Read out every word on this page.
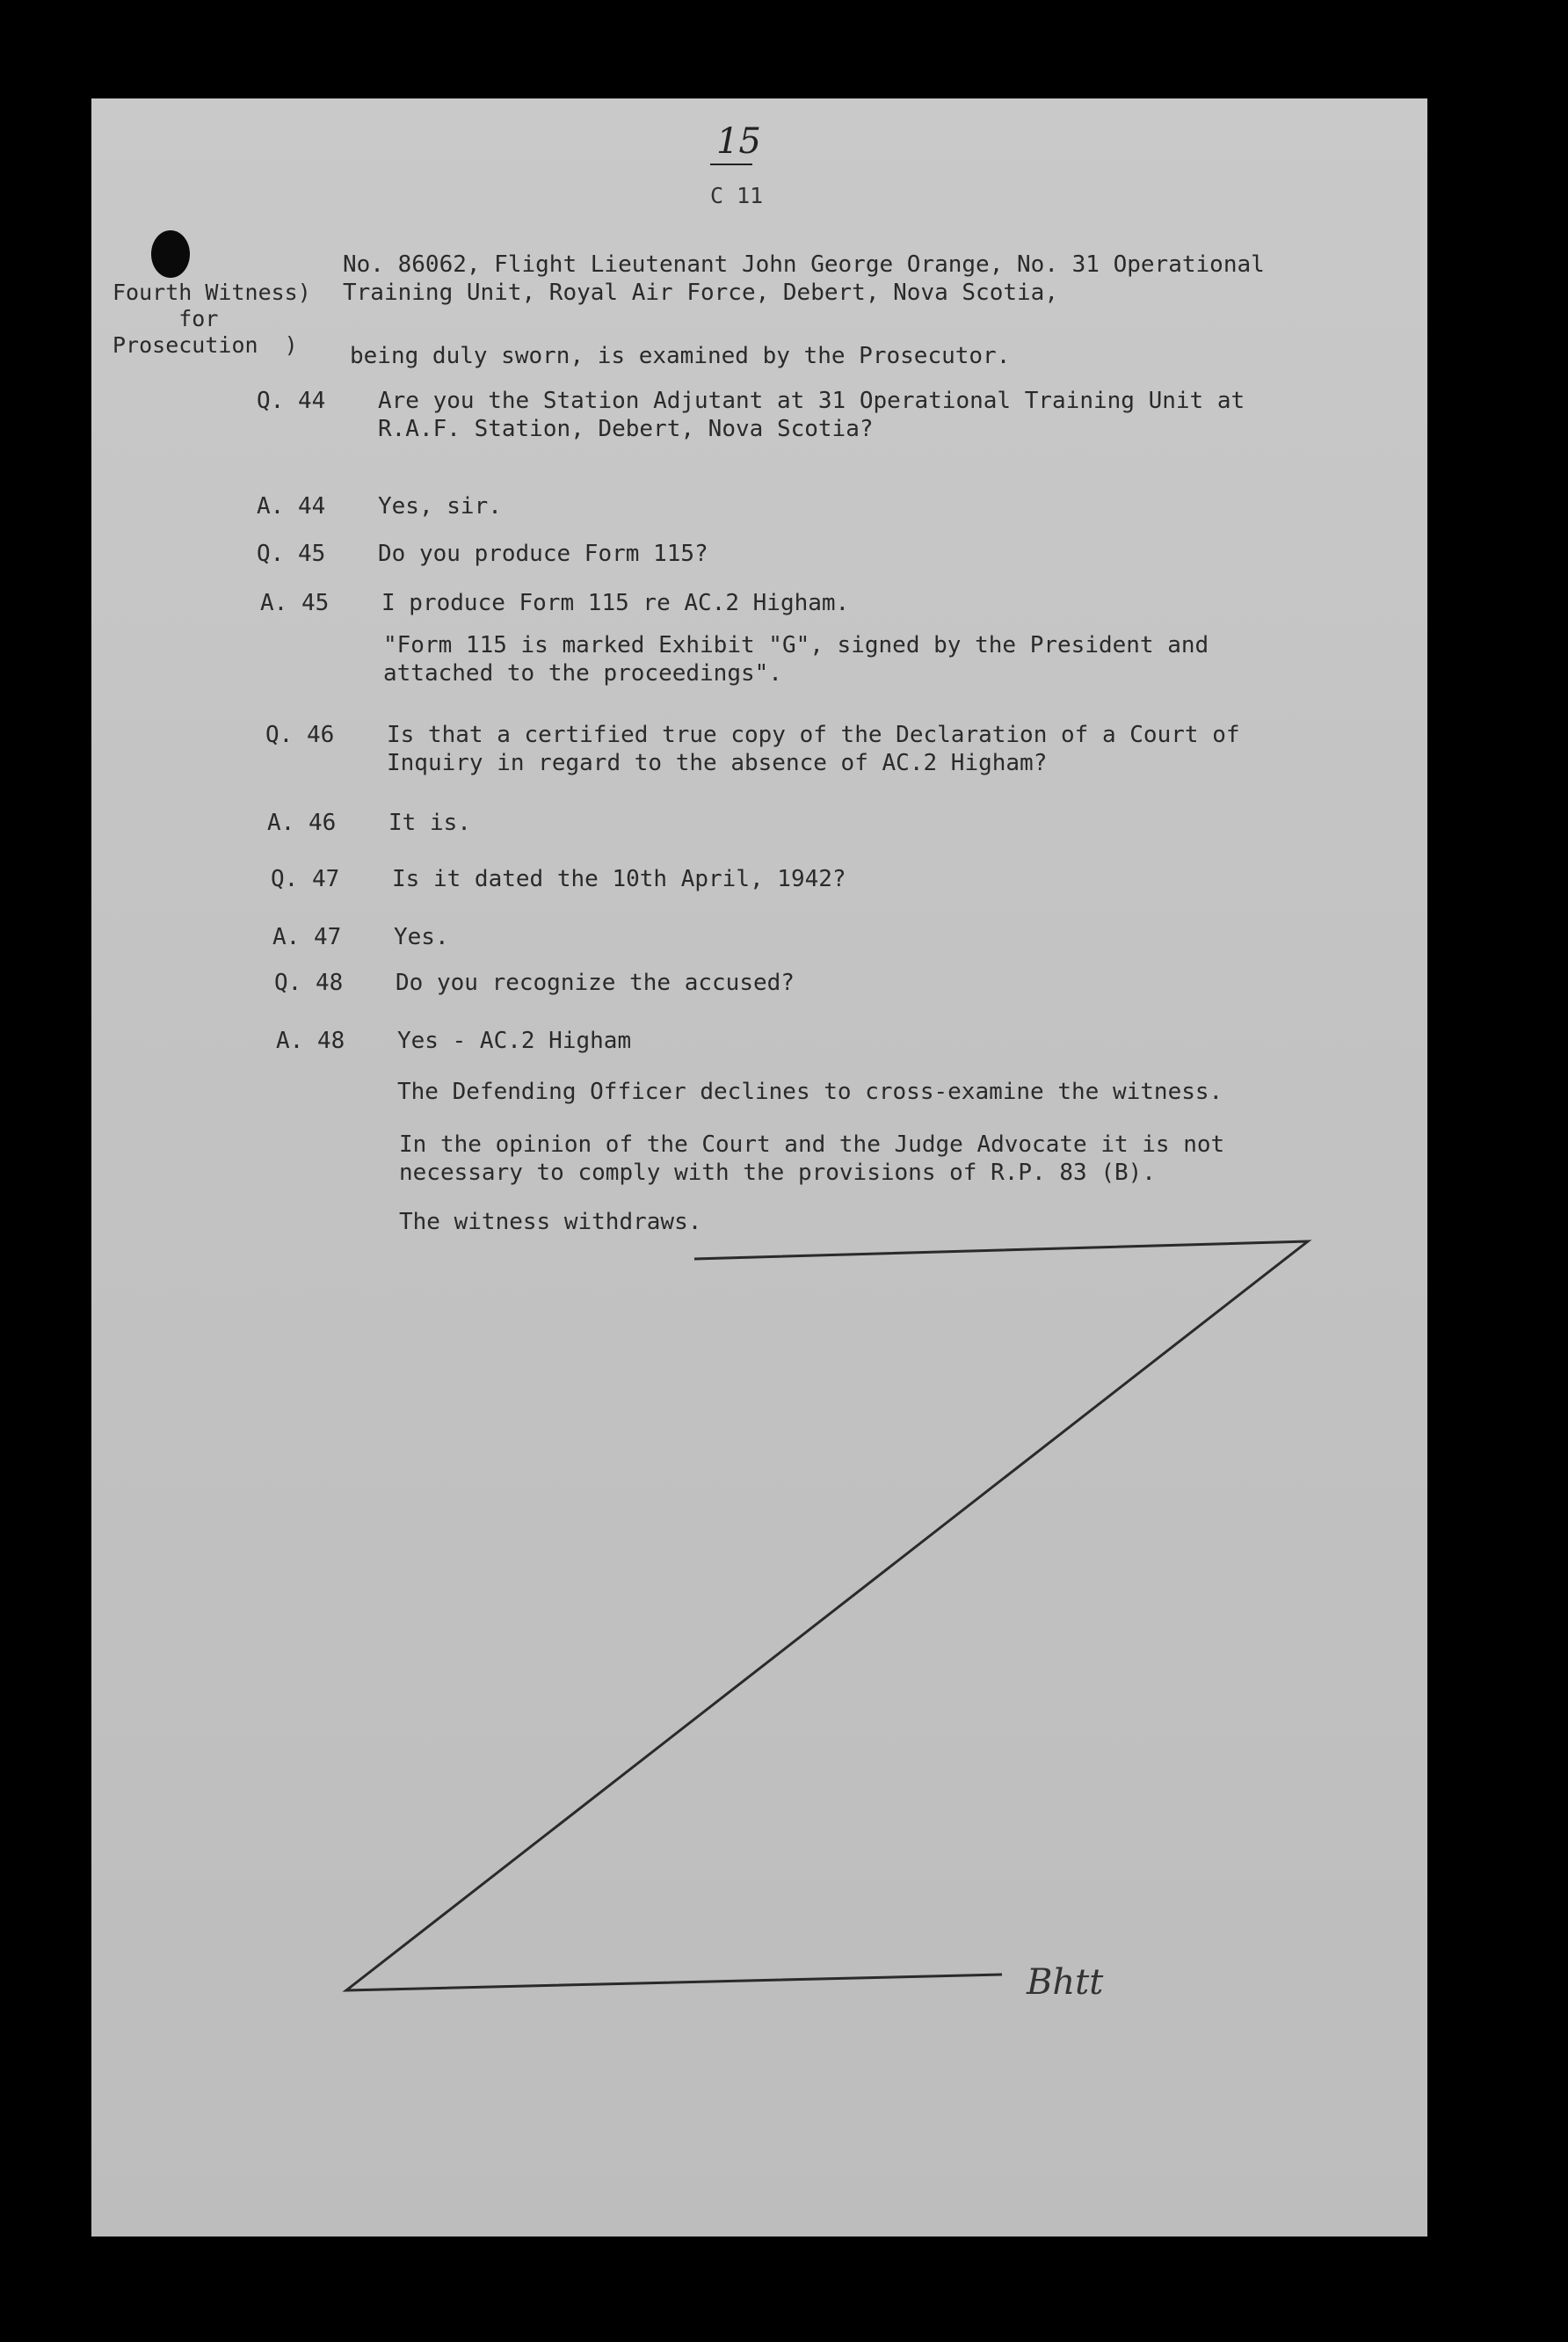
15
C 11
Fourth Witness)
for
Prosecution  )
No. 86062, Flight Lieutenant John George Orange, No. 31 Operational Training Unit, Royal Air Force, Debert, Nova Scotia,
being duly sworn, is examined by the Prosecutor.
Q. 44	Are you the Station Adjutant at 31 Operational Training Unit at R.A.F. Station, Debert, Nova Scotia?
A. 44	Yes, sir.
Q. 45	Do you produce Form 115?
A. 45	I produce Form 115 re AC.2 Higham.
"Form 115 is marked Exhibit "G", signed by the President and attached to the proceedings".
Q. 46	Is that a certified true copy of the Declaration of a Court of Inquiry in regard to the absence of AC.2 Higham?
A. 46	It is.
Q. 47	Is it dated the 10th April, 1942?
A. 47	Yes.
Q. 48	Do you recognize the accused?
A. 48	Yes - AC.2 Higham
The Defending Officer declines to cross-examine the witness.
In the opinion of the Court and the Judge Advocate it is not necessary to comply with the provisions of R.P. 83 (B).
The witness withdraws.
Bhtt
